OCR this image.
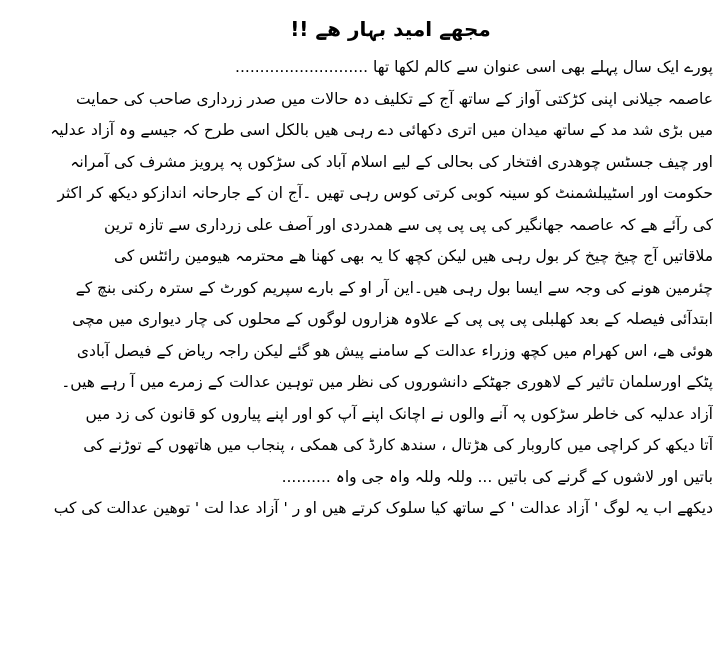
مجھے امید بہار ھے !!

پورے ایک سال پہلے بھی اسی عنوان سے کالم لکھا تھا ...........................

عاصمہ جیلانی اپنی کڑکتی آواز کے ساتھ آج کے تکلیف دہ حالات میں صدر زرداری صاحب کی حمایت

میں بڑی شد مد کے ساتھ میدان میں اتری دکھائی دے رہی ھیں بالکل اسی طرح کہ جیسے وہ آزاد عدلیہ

اور چیف جسٹس چوھدری افتخار کی بحالی کے لیے اسلام آباد کی سڑکوں پہ پرویز مشرف کی آمرانہ

حکومت اور اسٹیبلشمنٹ کو سینہ کوبی کرتی کوس رہی تھیں ۔آج ان کے جارحانہ اندازکو دیکھ کر اکثر

کی رآئے ھے کہ عاصمہ جھانگیر کی پی پی پی سے ھمدردی اور آصف علی زرداری سے تازہ ترین

ملاقاتیں آج چیخ چیخ کر بول رہی ھیں لیکن کچھ کا یہ بھی کھنا ھے محترمہ ھیومین رائٹس کی

چئرمین ھونے کی وجہ سے ایسا بول رہی ھیں۔این آر او کے بارے سپریم کورٹ کے سترہ رکنی بنچ کے

ابتدآئی فیصلہ کے بعد کھلبلی پی پی پی کے علاوہ ھزاروں لوگوں کے محلوں کی چار دیواری میں مچی

ھوئی ھے، اس کھرام میں کچھ وزراء عدالت کے سامنے پیش ھو گئے لیکن راجہ ریاض کے فیصل آبادی

پٹکے اورسلمان تاثیر کے لاھوری جھٹکے دانشوروں کی نظر میں توہین عدالت کے زمرے میں آ رہے ھیں۔

آزاد عدلیہ کی خاطر سڑکوں پہ آنے والوں نے اچانک اپنے آپ کو اور اپنے پیاروں کو قانون کی زد میں

آتا دیکھ کر کراچی میں کاروبار کی ھڑتال ، سندھ کارڈ کی ھمکی ، پنجاب میں ھاتھوں کے توڑنے کی

باتیں اور لاشوں کے گرنے کی باتیں ... وللہ وللہ واہ جی واہ ..........

دیکھے اب یہ لوگ ' آزاد عدالت ' کے ساتھ کیا سلوک کرتے ھیں او ر ' آزاد عدا لت ' توھین عدالت کی کب
